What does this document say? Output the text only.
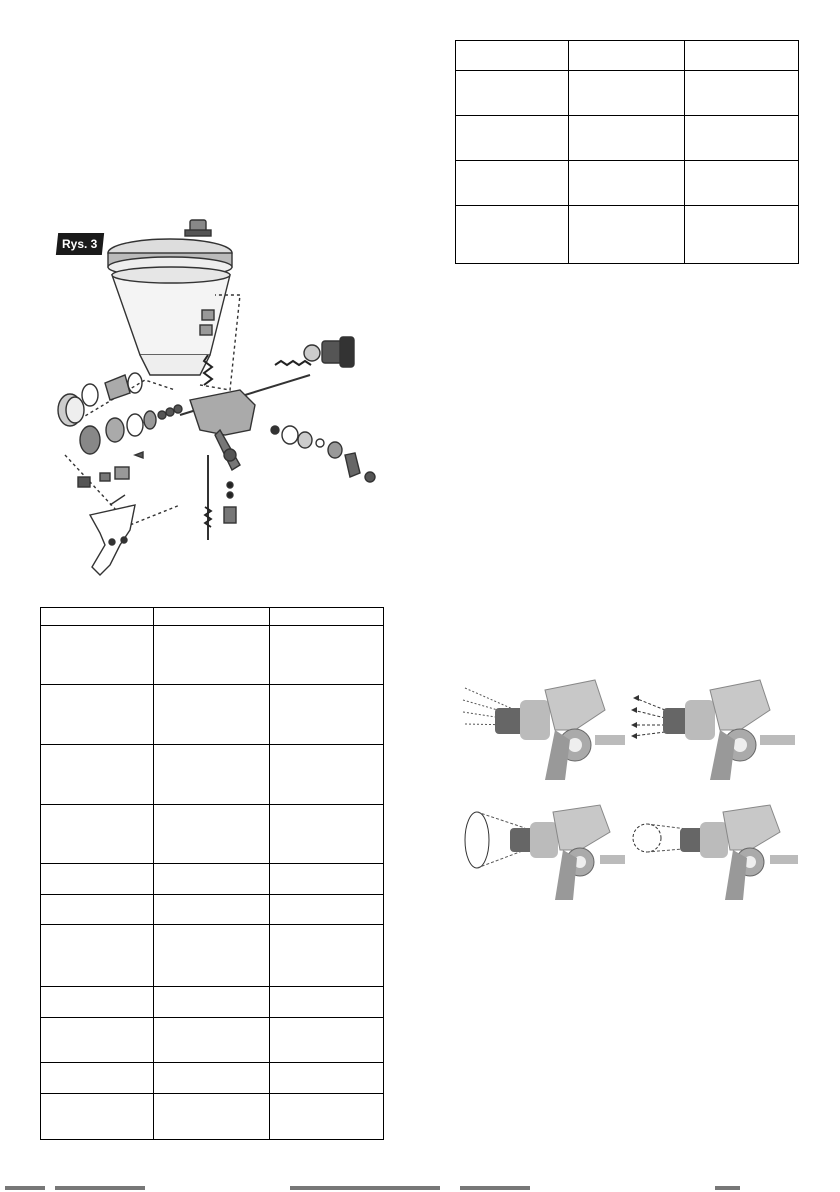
Rys. 3
